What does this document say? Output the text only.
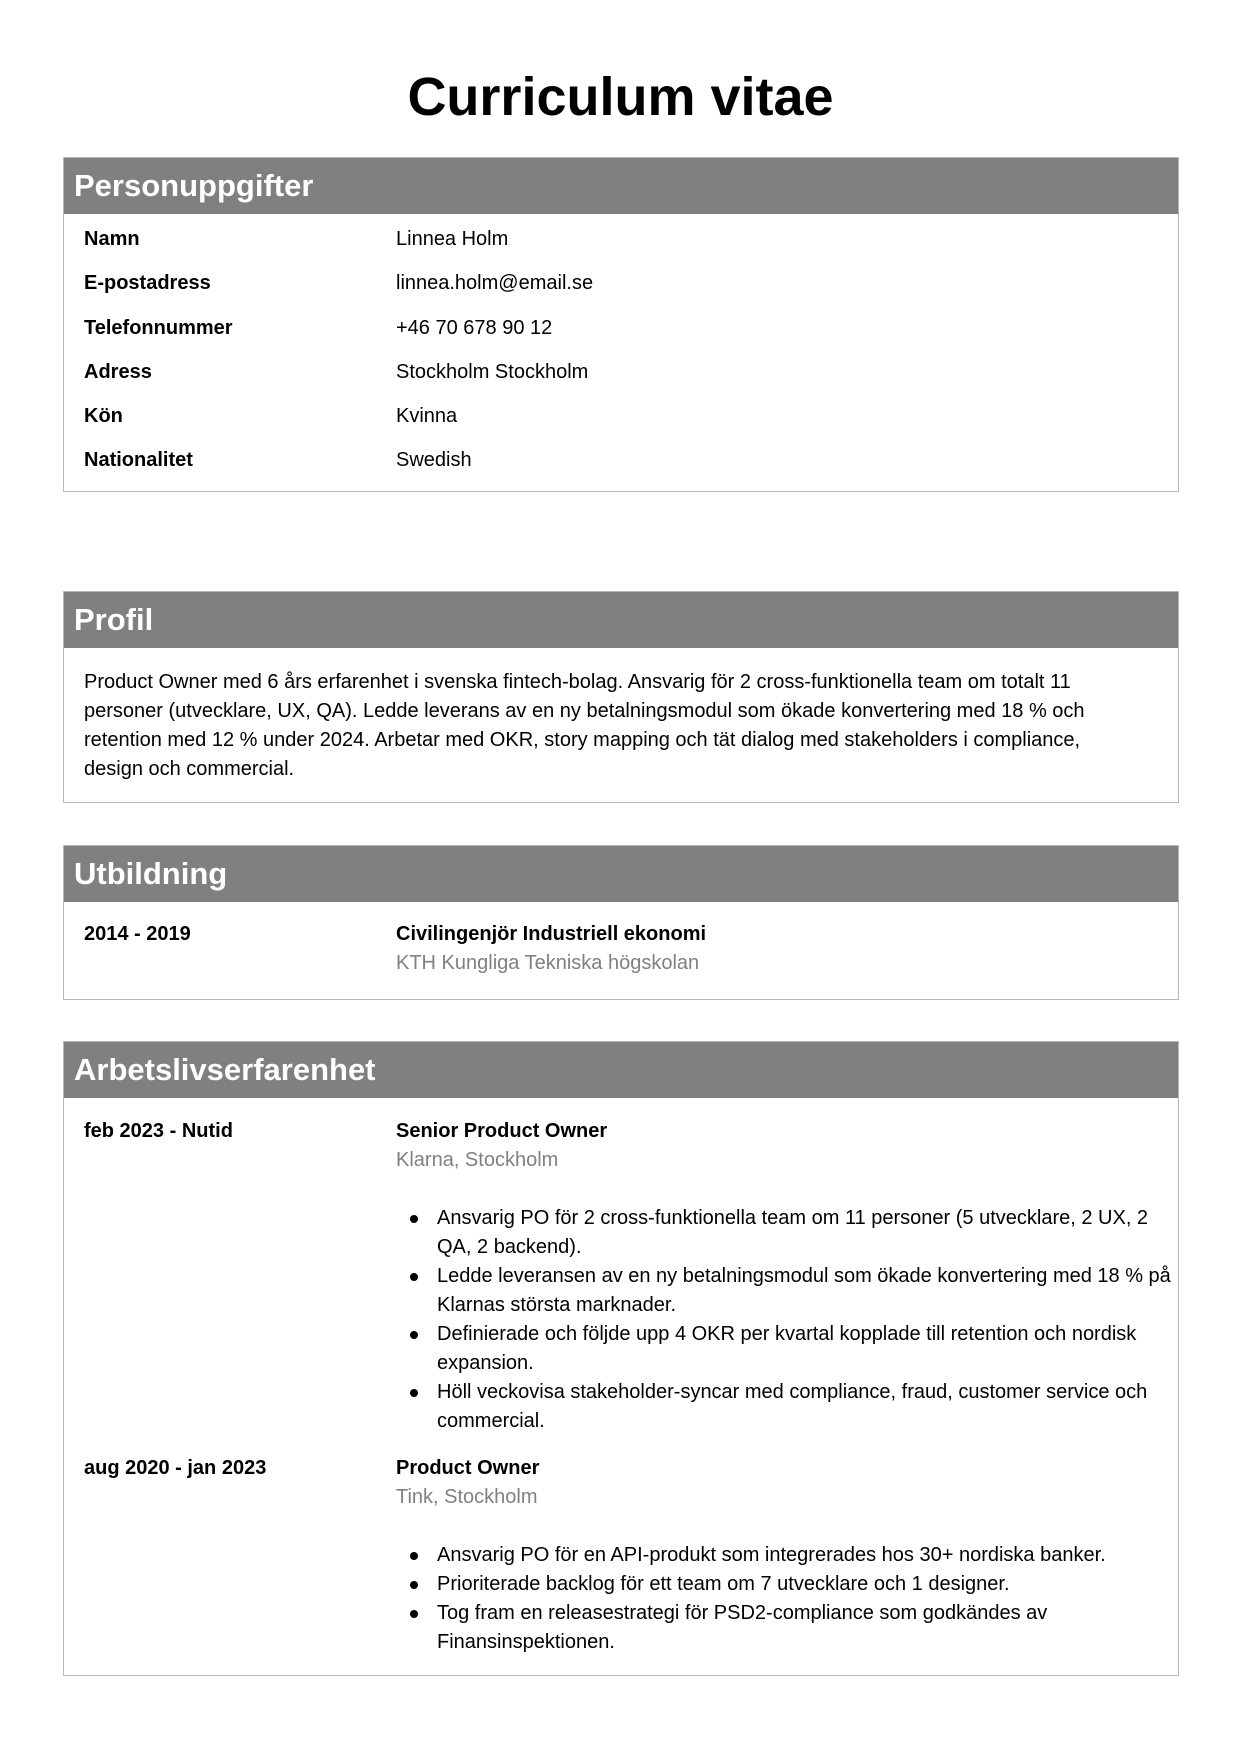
Curriculum vitae
Personuppgifter
Namn	Linnea Holm
E-postadress	linnea.holm@email.se
Telefonnummer	+46 70 678 90 12
Adress	Stockholm Stockholm
Kön	Kvinna
Nationalitet	Swedish
Profil

Product Owner med 6 års erfarenhet i svenska fintech-bolag. Ansvarig för 2 cross-funktionella team om totalt 11 personer (utvecklare, UX, QA). Ledde leverans av en ny betalningsmodul som ökade konvertering med 18 % och retention med 12 % under 2024. Arbetar med OKR, story mapping och tät dialog med stakeholders i compliance, design och commercial.

Utbildning
2014 - 2019	Civilingenjör Industriell ekonomi
KTH Kungliga Tekniska högskolan
Arbetslivserfarenhet
feb 2023 - Nutid	Senior Product Owner
Klarna, Stockholm
Ansvarig PO för 2 cross-funktionella team om 11 personer (5 utvecklare, 2 UX, 2 QA, 2 backend).
Ledde leveransen av en ny betalningsmodul som ökade konvertering med 18 % på Klarnas största marknader.
Definierade och följde upp 4 OKR per kvartal kopplade till retention och nordisk expansion.
Höll veckovisa stakeholder-syncar med compliance, fraud, customer service och commercial.
aug 2020 - jan 2023	Product Owner
Tink, Stockholm
Ansvarig PO för en API-produkt som integrerades hos 30+ nordiska banker.
Prioriterade backlog för ett team om 7 utvecklare och 1 designer.
Tog fram en releasestrategi för PSD2-compliance som godkändes av Finansinspektionen.
